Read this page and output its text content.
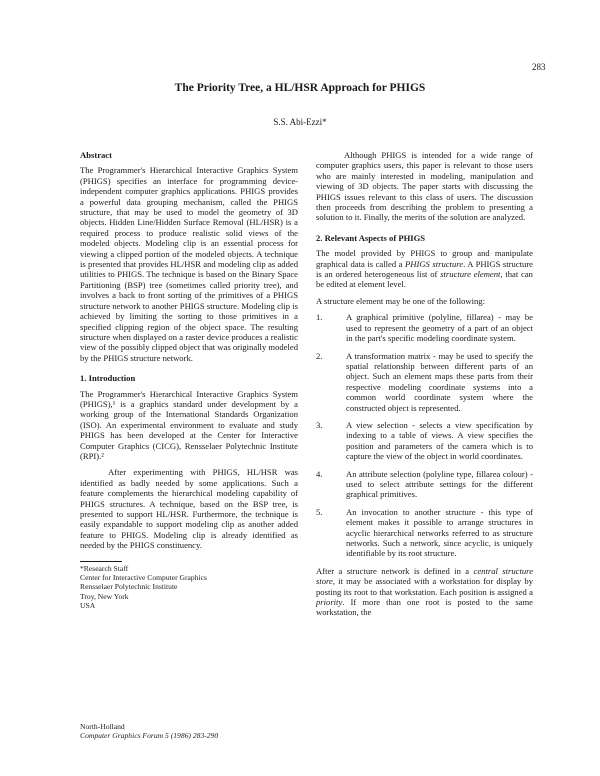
283
The Priority Tree, a HL/HSR Approach for PHIGS
S.S. Abi-Ezzi*
Abstract

The Programmer's Hierarchical Interactive Graphics System (PHIGS) specifies an interface for programming device-independent computer graphics applications. PHIGS provides a powerful data grouping mechanism, called the PHIGS structure, that may be used to model the geometry of 3D objects. Hidden Line/Hidden Surface Removal (HL/HSR) is a required process to produce realistic solid views of the modeled objects. Modeling clip is an essential process for viewing a clipped portion of the modeled objects. A technique is presented that provides HL/HSR and modeling clip as added utilities to PHIGS. The technique is based on the Binary Space Partitioning (BSP) tree (sometimes called priority tree), and involves a back to front sorting of the primitives of a PHIGS structure network to another PHIGS structure. Modeling clip is achieved by limiting the sorting to those primitives in a specified clipping region of the object space. The resulting structure when displayed on a raster device produces a realistic view of the possibly clipped object that was originally modeled by the PHIGS structure network.

1. Introduction

The Programmer's Hierarchical Interactive Graphics System (PHIGS),¹ is a graphics standard under development by a working group of the International Standards Organization (ISO). An experimental environment to evaluate and study PHIGS has been developed at the Center for Interactive Computer Graphics (CICG), Rensselaer Polytechnic Institute (RPI).²

After experimenting with PHIGS, HL/HSR was identified as badly needed by some applications. Such a feature complements the hierarchical modeling capability of PHIGS structures. A technique, based on the BSP tree, is presented to support HL/HSR. Furthermore, the technique is easily expandable to support modeling clip as another added feature to PHIGS. Modeling clip is already identified as needed by the PHIGS constituency.

*Research Staff
Center for Interactive Computer Graphics
Rensselaer Polytechnic Institute
Troy, New York
USA
North-Holland
Computer Graphics Forum 5 (1986) 283-290

Although PHIGS is intended for a wide range of computer graphics users, this paper is relevant to those users who are mainly interested in modeling, manipulation and viewing of 3D objects. The paper starts with discussing the PHIGS issues relevant to this class of users. The discussion then proceeds from describing the problem to presenting a solution to it. Finally, the merits of the solution are analyzed.

2. Relevant Aspects of PHIGS

The model provided by PHIGS to group and manipulate graphical data is called a PHIGS structure. A PHIGS structure is an ordered heterogeneous list of structure element, that can be edited at element level.

A structure element may be one of the following:

1.	A graphical primitive (polyline, fillarea) - may be used to represent the geometry of a part of an object in the part's specific modeling coordinate system.
2.	A transformation matrix - may be used to specify the spatial relationship between different parts of an object. Such an element maps these parts from their respective modeling coordinate systems into a common world coordinate system where the constructed object is represented.
3.	A view selection - selects a view specification by indexing to a table of views. A view specifies the position and parameters of the camera which is to capture the view of the object in world coordinates.
4.	An attribute selection (polyline type, fillarea colour) - used to select attribute settings for the different graphical primitives.
5.	An invocation to another structure - this type of element makes it possible to arrange structures in acyclic hierarchical networks referred to as structure networks. Such a network, since acyclic, is uniquely identifiable by its root structure.

After a structure network is defined in a central structure store, it may be associated with a workstation for display by posting its root to that workstation. Each position is assigned a priority. If more than one root is posted to the same workstation, the
